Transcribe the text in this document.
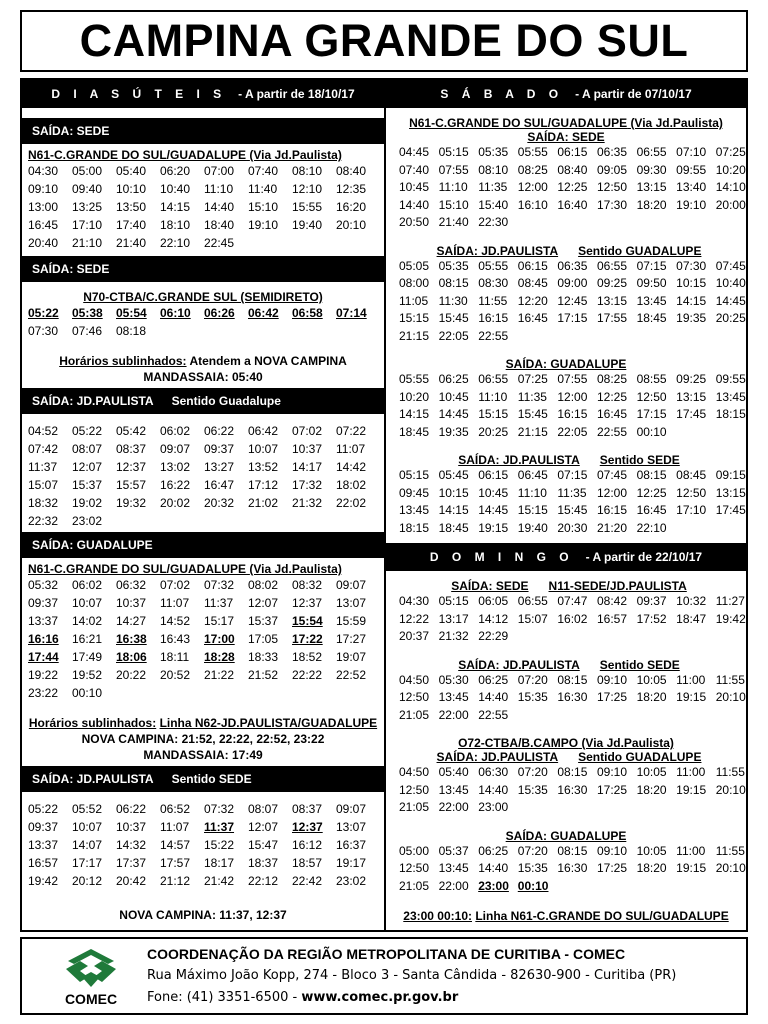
CAMPINA GRANDE DO SUL
D I A S Ú T E I S - A partir de 18/10/17
SAÍDA: SEDE
N61-C.GRANDE DO SUL/GUADALUPE (Via Jd.Paulista)
04:30	05:00	05:40	06:20	07:00	07:40	08:10	08:40
09:10	09:40	10:10	10:40	11:10	11:40	12:10	12:35
13:00	13:25	13:50	14:15	14:40	15:10	15:55	16:20
16:45	17:10	17:40	18:10	18:40	19:10	19:40	20:10
20:40	21:10	21:40	22:10	22:45
SAÍDA: SEDE
N70-CTBA/C.GRANDE SUL (SEMIDIRETO)
05:22	05:38	05:54	06:10	06:26	06:42	06:58	07:14
07:30	07:46	08:18
Horários sublinhados: Atendem a NOVA CAMPINA
MANDASSAIA: 05:40
SAÍDA: JD.PAULISTA Sentido Guadalupe
04:52	05:22	05:42	06:02	06:22	06:42	07:02	07:22
07:42	08:07	08:37	09:07	09:37	10:07	10:37	11:07
11:37	12:07	12:37	13:02	13:27	13:52	14:17	14:42
15:07	15:37	15:57	16:22	16:47	17:12	17:32	18:02
18:32	19:02	19:32	20:02	20:32	21:02	21:32	22:02
22:32	23:02
SAÍDA: GUADALUPE
N61-C.GRANDE DO SUL/GUADALUPE (Via Jd.Paulista)
05:32	06:02	06:32	07:02	07:32	08:02	08:32	09:07
09:37	10:07	10:37	11:07	11:37	12:07	12:37	13:07
13:37	14:02	14:27	14:52	15:17	15:37	15:54	15:59
16:16	16:21	16:38	16:43	17:00	17:05	17:22	17:27
17:44	17:49	18:06	18:11	18:28	18:33	18:52	19:07
19:22	19:52	20:22	20:52	21:22	21:52	22:22	22:52
23:22	00:10
Horários sublinhados: Linha N62-JD.PAULISTA/GUADALUPE
NOVA CAMPINA: 21:52, 22:22, 22:52, 23:22
MANDASSAIA: 17:49
SAÍDA: JD.PAULISTA Sentido SEDE
05:22	05:52	06:22	06:52	07:32	08:07	08:37	09:07
09:37	10:07	10:37	11:07	11:37	12:07	12:37	13:07
13:37	14:07	14:32	14:57	15:22	15:47	16:12	16:37
16:57	17:17	17:37	17:57	18:17	18:37	18:57	19:17
19:42	20:12	20:42	21:12	21:42	22:12	22:42	23:02
NOVA CAMPINA: 11:37, 12:37
S Á B A D O - A partir de 07/10/17
N61-C.GRANDE DO SUL/GUADALUPE (Via Jd.Paulista)
SAÍDA: SEDE
04:45 05:15 05:35 05:55 06:15 06:35 06:55 07:10 07:25
07:40 07:55 08:10 08:25 08:40 09:05 09:30 09:55 10:20
10:45 11:10 11:35 12:00 12:25 12:50 13:15 13:40 14:10
14:40 15:10 15:40 16:10 16:40 17:30 18:20 19:10 20:00
20:50 21:40 22:30
SAÍDA: JD.PAULISTA	Sentido GUADALUPE
05:05 05:35 05:55 06:15 06:35 06:55 07:15 07:30 07:45
08:00 08:15 08:30 08:45 09:00 09:25 09:50 10:15 10:40
11:05 11:30 11:55 12:20 12:45 13:15 13:45 14:15 14:45
15:15 15:45 16:15 16:45 17:15 17:55 18:45 19:35 20:25
21:15 22:05 22:55
SAÍDA: GUADALUPE
05:55 06:25 06:55 07:25 07:55 08:25 08:55 09:25 09:55
10:20 10:45 11:10 11:35 12:00 12:25 12:50 13:15 13:45
14:15 14:45 15:15 15:45 16:15 16:45 17:15 17:45 18:15
18:45 19:35 20:25 21:15 22:05 22:55 00:10
SAÍDA: JD.PAULISTA	Sentido SEDE
05:15 05:45 06:15 06:45 07:15 07:45 08:15 08:45 09:15
09:45 10:15 10:45 11:10 11:35 12:00 12:25 12:50 13:15
13:45 14:15 14:45 15:15 15:45 16:15 16:45 17:10 17:45
18:15 18:45 19:15 19:40 20:30 21:20 22:10
D O M I N G O - A partir de 22/10/17
SAÍDA: SEDE	N11-SEDE/JD.PAULISTA
04:30 05:15 06:05 06:55 07:47 08:42 09:37 10:32 11:27
12:22 13:17 14:12 15:07 16:02 16:57 17:52 18:47 19:42
20:37 21:32 22:29
SAÍDA: JD.PAULISTA	Sentido SEDE
04:50 05:30 06:25 07:20 08:15 09:10 10:05 11:00 11:55
12:50 13:45 14:40 15:35 16:30 17:25 18:20 19:15 20:10
21:05 22:00 22:55
O72-CTBA/B.CAMPO (Via Jd.Paulista)
SAÍDA: JD.PAULISTA	Sentido GUADALUPE
04:50 05:40 06:30 07:20 08:15 09:10 10:05 11:00 11:55
12:50 13:45 14:40 15:35 16:30 17:25 18:20 19:15 20:10
21:05 22:00 23:00
SAÍDA: GUADALUPE
05:00 05:37 06:25 07:20 08:15 09:10 10:05 11:00 11:55
12:50 13:45 14:40 15:35 16:30 17:25 18:20 19:15 20:10
21:05 22:00 23:00 00:10
23:00 00:10: Linha N61-C.GRANDE DO SUL/GUADALUPE
COMEC
COORDENAÇÃO DA REGIÃO METROPOLITANA DE CURITIBA - COMEC
Rua Máximo João Kopp, 274 - Bloco 3 - Santa Cândida - 82630-900 - Curitiba (PR)
Fone: (41) 3351-6500 - www.comec.pr.gov.br
